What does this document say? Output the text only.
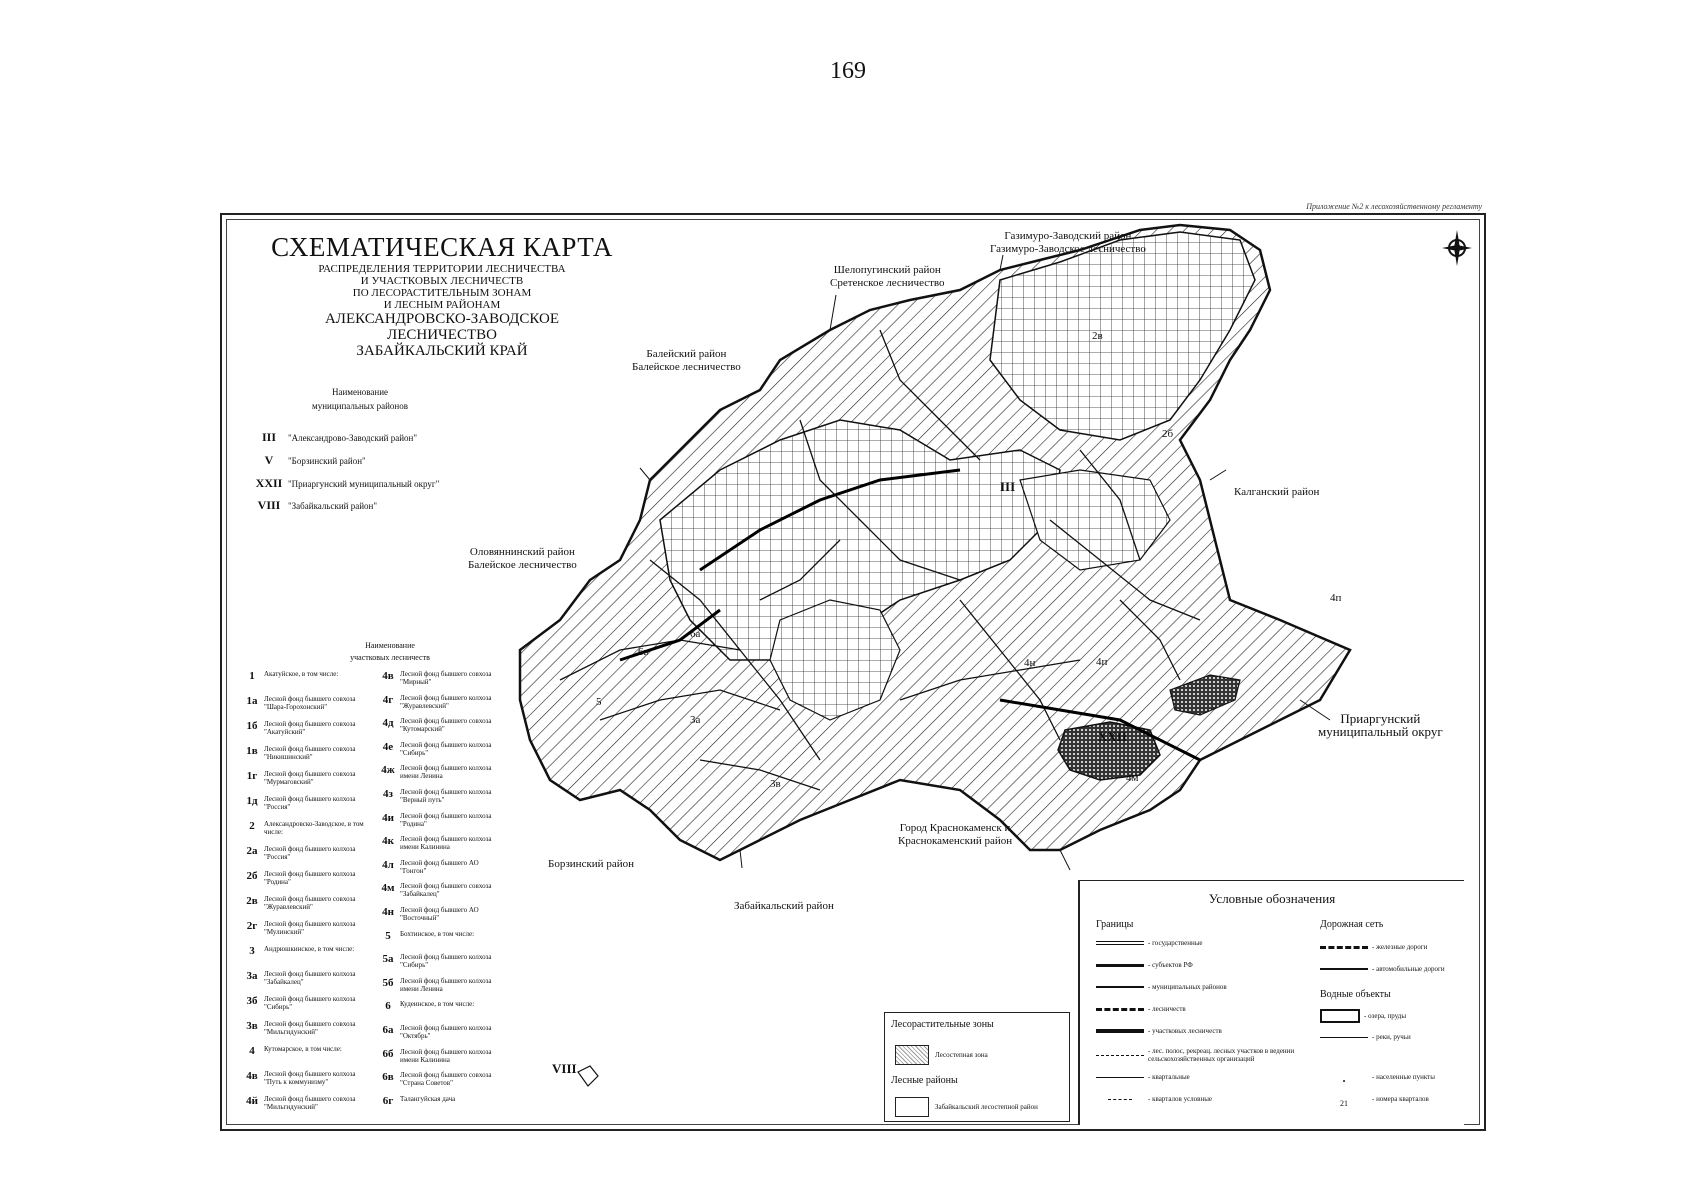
169
Приложение №2 к лесохозяйственному регламенту
СХЕМАТИЧЕСКАЯ КАРТА
РАСПРЕДЕЛЕНИЯ ТЕРРИТОРИИ ЛЕСНИЧЕСТВА
И УЧАСТКОВЫХ ЛЕСНИЧЕСТВ
ПО ЛЕСОРАСТИТЕЛЬНЫМ ЗОНАМ
И ЛЕСНЫМ РАЙОНАМ
АЛЕКСАНДРОВСКО-ЗАВОДСКОЕ
ЛЕСНИЧЕСТВО
ЗАБАЙКАЛЬСКИЙ КРАЙ
Наименование
муниципальных районов
III	"Александрово-Заводский район"
V	"Борзинский район"
XXII "Приаргунский муниципальный округ"
VIII "Забайкальский район"
Наименование
участковых лесничеств
1	Акатуйское, в том числе:
1а Лесной фонд бывшего совхоза "Шара-Горохонский"
1б Лесной фонд бывшего совхоза "Акатуйский"
1в Лесной фонд бывшего совхоза "Никишинский"
1г Лесной фонд бывшего совхоза "Мурмаговский"
1д Лесной фонд бывшего колхоза "Россия"
2	Александровско-Заводское, в том числе:
2а Лесной фонд бывшего колхоза "Россия"
2б Лесной фонд бывшего колхоза "Родина"
2в Лесной фонд бывшего совхоза "Журавлевский"
2г Лесной фонд бывшего колхоза "Мулинский"
3	Андрюшкинское, в том числе:
3а Лесной фонд бывшего колхоза "Забайкалец"
3б Лесной фонд бывшего колхоза "Сибирь"
3в Лесной фонд бывшего совхоза "Мильгидунский"
4	Кутомарское, в том числе:
4в Лесной фонд бывшего колхоза "Путь к коммунизму"
4й Лесной фонд бывшего совхоза "Мильгидунский"
4в Лесной фонд бывшего совхоза "Мирный"
4г Лесной фонд бывшего колхоза "Журавлевский"
4д Лесной фонд бывшего совхоза "Кутомарский"
4е Лесной фонд бывшего колхоза "Сибирь"
4ж Лесной фонд бывшего колхоза имени Ленина
4з	Лесной фонд бывшего колхоза "Верный путь"
4и Лесной фонд бывшего колхоза "Родина"
4к Лесной фонд бывшего колхоза имени Калинина
4л Лесной фонд бывшего АО "Гонгон"
4м Лесной фонд бывшего совхоза "Забайкалец"
4н Лесной фонд бывшего АО "Восточный"
5	Бохтинское, в том числе:
5а Лесной фонд бывшего колхоза "Сибирь"
5б Лесной фонд бывшего колхоза имени Ленина
6	Кудеинское, в том числе:
6а Лесной фонд бывшего колхоза "Октябрь"
6б Лесной фонд бывшего колхоза имени Калинина
6в Лесной фонд бывшего совхоза "Страна Советов"
6г Талангуйская дача
Газимуро-Заводский район
Газимуро-Заводское лесничество
Шелопугинский район
Сретенское лесничество
Балейский район
Балейское лесничество
Калганский район
Оловяннинский район
Балейское лесничество
Приаргунский
муниципальный округ
Город Краснокаменск и
Краснокаменский район
Борзинский район
Забайкальский район
III
XXII
VIII
6а
6в
2в
2б
5
3а
3в
4н	4п
4м
4п
Лесорастительные зоны
Лесостепная зона
Лесные районы
Забайкальский лесостепной район
Условные обозначения
Границы	Дорожная сеть
Водные объекты
- государственные
- субъектов РФ
- муниципальных районов
- лесничеств
- участковых лесничеств
- лес. полос, рекреац. лесных участков в ведении сельскохозяйственных организаций
- квартальные
- кварталов условные
- железные дороги
- автомобильные дороги
- озера, пруды
- реки, ручьи
•	- населенные пункты
21	- номера кварталов
